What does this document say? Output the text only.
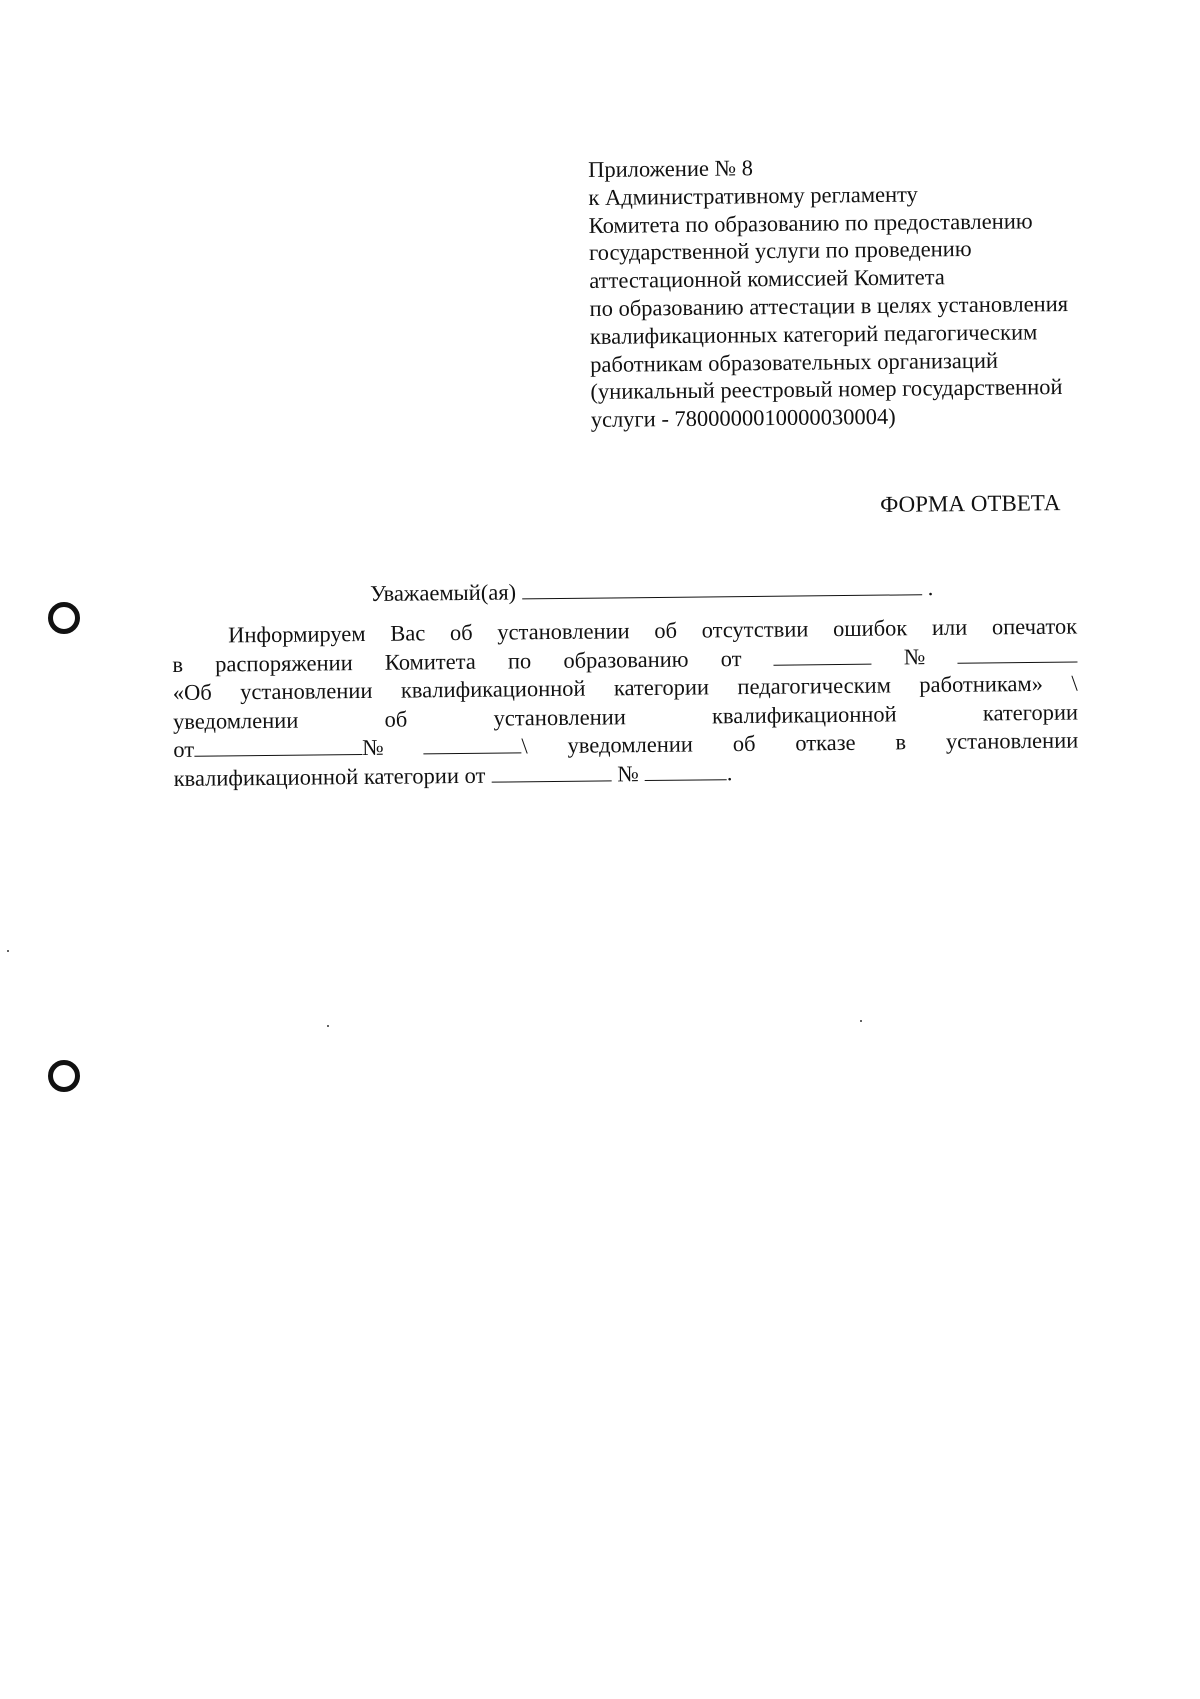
Приложение № 8
к Административному регламенту
Комитета по образованию по предоставлению
государственной услуги по проведению
аттестационной комиссией Комитета
по образованию аттестации в целях установления
квалификационных категорий педагогическим
работникам образовательных организаций
(уникальный реестровый номер государственной
услуги - 7800000010000030004)
ФОРМА ОТВЕТА
Уважаемый(ая)	.
Информируем Вас об установлении об отсутствии ошибок или опечаток
в распоряжении Комитета по образованию от	№
«Об установлении квалификационной категории педагогическим работникам» \
уведомлении	об	установлении	квалификационной	категории
от	№	\ уведомлении об отказе в установлении
квалификационной категории от	№	.
